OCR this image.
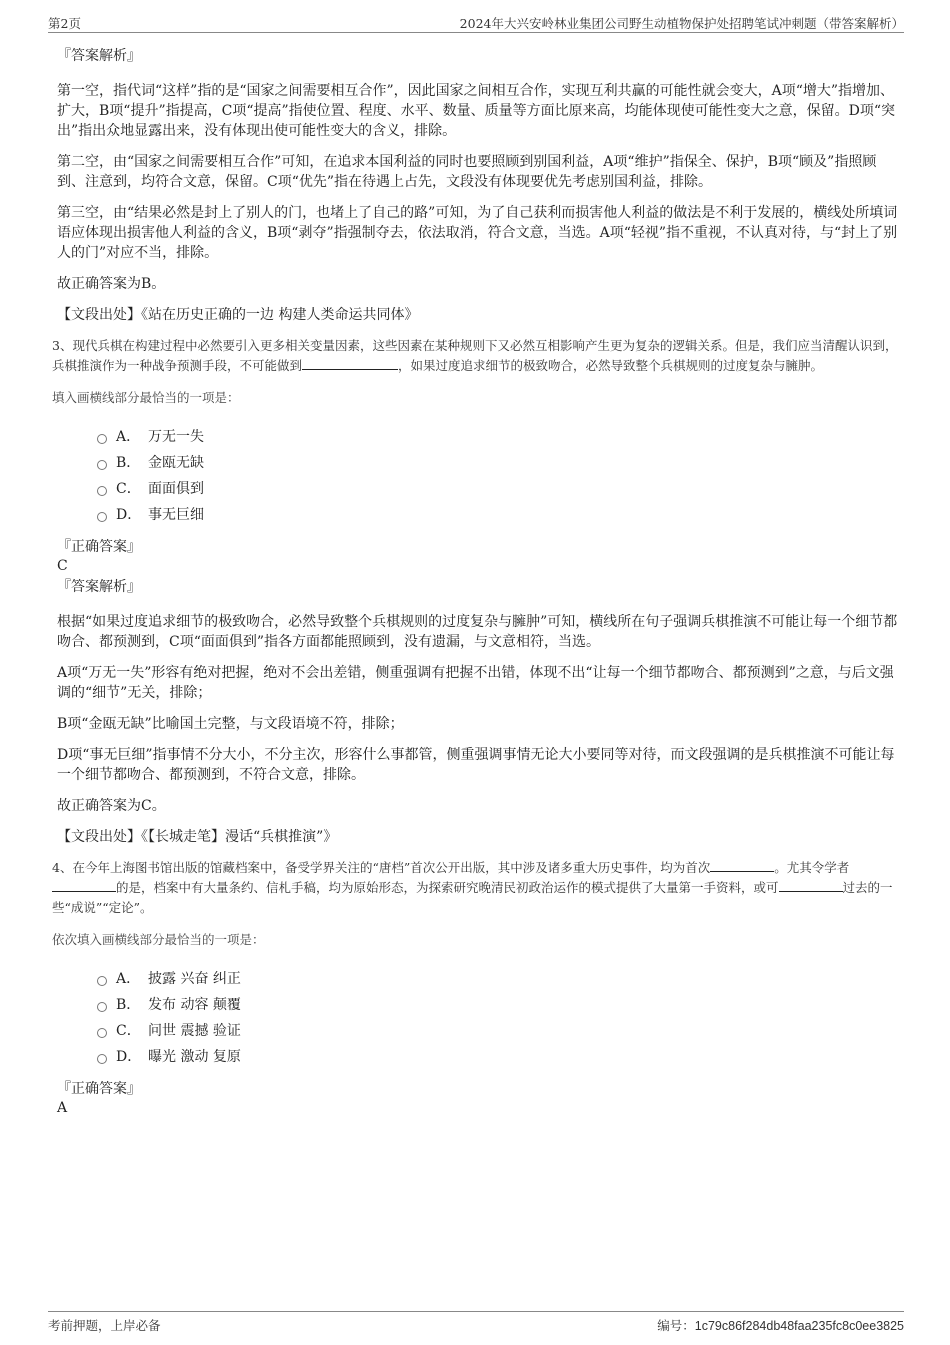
第2页	2024年大兴安岭林业集团公司野生动植物保护处招聘笔试冲刺题（带答案解析）
『答案解析』

第一空，指代词“这样”指的是“国家之间需要相互合作”，因此国家之间相互合作，实现互利共赢的可能性就会变大，A项“增大”指增加、扩大，B项“提升”指提高，C项“提高”指使位置、程度、水平、数量、质量等方面比原来高，均能体现使可能性变大之意，保留。D项“突出”指出众地显露出来，没有体现出使可能性变大的含义，排除。

第二空，由“国家之间需要相互合作”可知，在追求本国利益的同时也要照顾到别国利益，A项“维护”指保全、保护，B项“顾及”指照顾到、注意到，均符合文意，保留。C项“优先”指在待遇上占先，文段没有体现要优先考虑别国利益，排除。

第三空，由“结果必然是封上了别人的门，也堵上了自己的路”可知，为了自己获利而损害他人利益的做法是不利于发展的，横线处所填词语应体现出损害他人利益的含义，B项“剥夺”指强制夺去，依法取消，符合文意，当选。A项“轻视”指不重视，不认真对待，与“封上了别人的门”对应不当，排除。

故正确答案为B。

【文段出处】《站在历史正确的一边 构建人类命运共同体》

3、现代兵棋在构建过程中必然要引入更多相关变量因素，这些因素在某种规则下又必然互相影响产生更为复杂的逻辑关系。但是，我们应当清醒认识到，兵棋推演作为一种战争预测手段，不可能做到	，如果过度追求细节的极致吻合，必然导致整个兵棋规则的过度复杂与臃肿。

填入画横线部分最恰当的一项是：

A． 万无一失
B． 金瓯无缺
C． 面面俱到
D． 事无巨细
『正确答案』
C
『答案解析』

根据“如果过度追求细节的极致吻合，必然导致整个兵棋规则的过度复杂与臃肿”可知，横线所在句子强调兵棋推演不可能让每一个细节都吻合、都预测到，C项“面面俱到”指各方面都能照顾到，没有遗漏，与文意相符，当选。

A项“万无一失”形容有绝对把握，绝对不会出差错，侧重强调有把握不出错，体现不出“让每一个细节都吻合、都预测到”之意，与后文强调的“细节”无关，排除；

B项“金瓯无缺”比喻国土完整，与文段语境不符，排除；

D项“事无巨细”指事情不分大小，不分主次，形容什么事都管，侧重强调事情无论大小要同等对待，而文段强调的是兵棋推演不可能让每一个细节都吻合、都预测到，不符合文意，排除。

故正确答案为C。

【文段出处】《【长城走笔】漫话“兵棋推演”》

4、在今年上海图书馆出版的馆藏档案中，备受学界关注的“唐档”首次公开出版，其中涉及诸多重大历史事件，均为首次	。尤其令学者的是，档案中有大量条约、信札手稿，均为原始形态，为探索研究晚清民初政治运作的模式提供了大量第一手资料，或可	过去的一些“成说”“定论”。

依次填入画横线部分最恰当的一项是：

A． 披露 兴奋 纠正
B． 发布 动容 颠覆
C． 问世 震撼 验证
D． 曝光 激动 复原
『正确答案』
A
考前押题，上岸必备	编号：1c79c86f284db48faa235fc8c0ee3825
